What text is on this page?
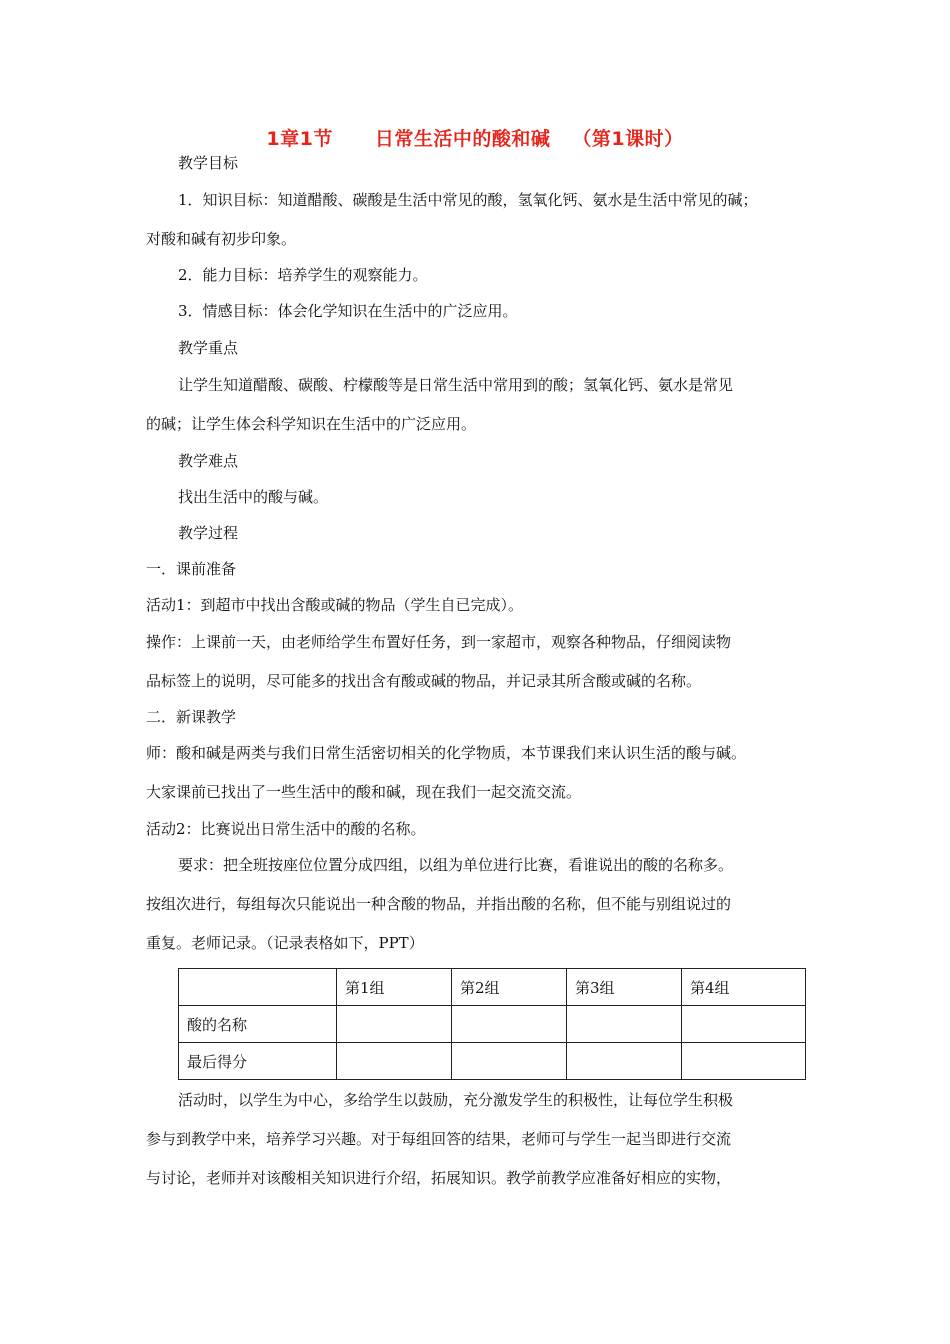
1章1节 日常生活中的酸和碱 （第1课时）
教学目标
1．知识目标：知道醋酸、碳酸是生活中常见的酸，氢氧化钙、氨水是生活中常见的碱；
对酸和碱有初步印象。
2．能力目标：培养学生的观察能力。
3．情感目标：体会化学知识在生活中的广泛应用。
教学重点
让学生知道醋酸、碳酸、柠檬酸等是日常生活中常用到的酸；氢氧化钙、氨水是常见
的碱；让学生体会科学知识在生活中的广泛应用。
教学难点
找出生活中的酸与碱。
教学过程
一．课前准备
活动1：到超市中找出含酸或碱的物品（学生自已完成）。
操作：上课前一天，由老师给学生布置好任务，到一家超市，观察各种物品，仔细阅读物
品标签上的说明，尽可能多的找出含有酸或碱的物品，并记录其所含酸或碱的名称。
二．新课教学
师：酸和碱是两类与我们日常生活密切相关的化学物质，本节课我们来认识生活的酸与碱。
大家课前已找出了一些生活中的酸和碱，现在我们一起交流交流。
活动2：比赛说出日常生活中的酸的名称。
要求：把全班按座位位置分成四组，以组为单位进行比赛，看谁说出的酸的名称多。
按组次进行，每组每次只能说出一种含酸的物品，并指出酸的名称，但不能与别组说过的
重复。老师记录。（记录表格如下，PPT）
	第1组	第2组	第3组	第4组
酸的名称				
最后得分				
活动时，以学生为中心，多给学生以鼓励，充分激发学生的积极性，让每位学生积极
参与到教学中来，培养学习兴趣。对于每组回答的结果，老师可与学生一起当即进行交流
与讨论，老师并对该酸相关知识进行介绍，拓展知识。教学前教学应准备好相应的实物，
